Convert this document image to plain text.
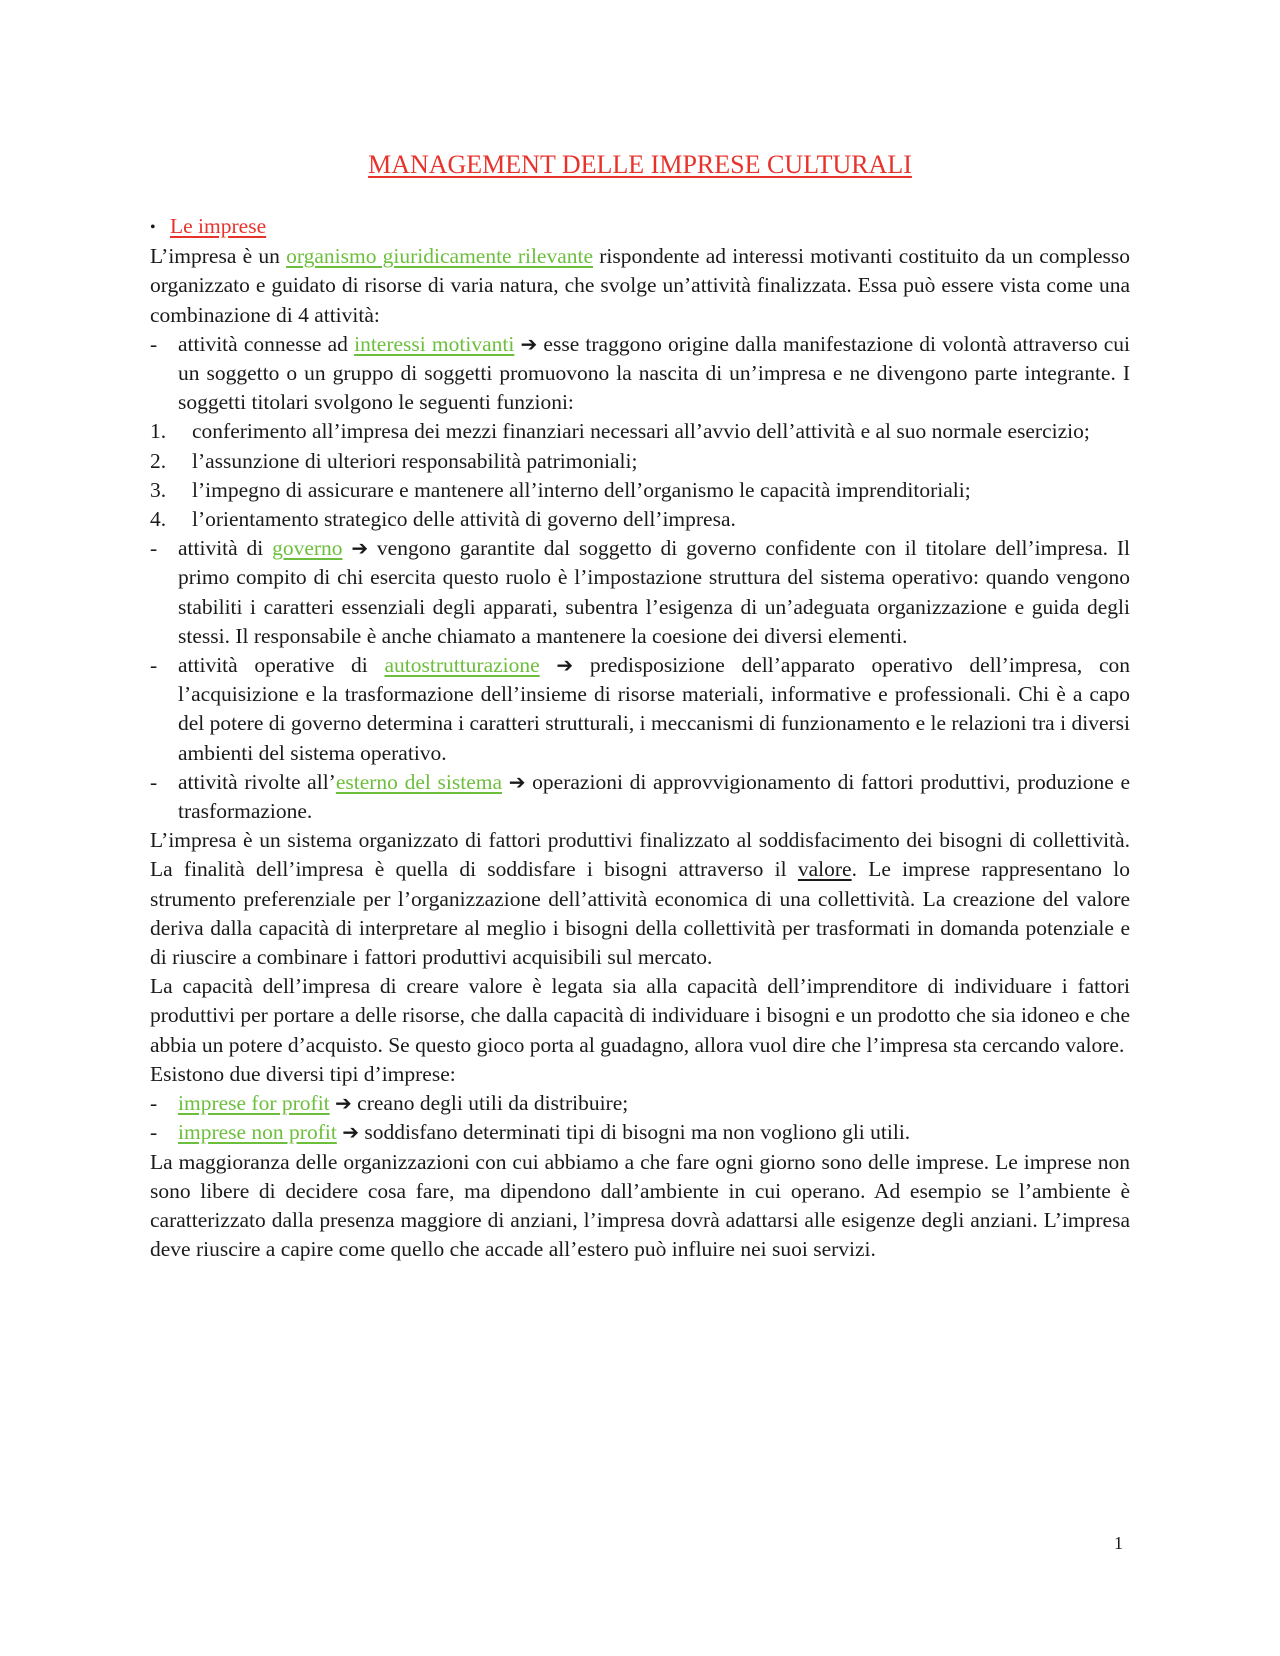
MANAGEMENT DELLE IMPRESE CULTURALI

• Le imprese

L’impresa è un organismo giuridicamente rilevante rispondente ad interessi motivanti costituito da un complesso organizzato e guidato di risorse di varia natura, che svolge un’attività finalizzata. Essa può essere vista come una combinazione di 4 attività:

- attività connesse ad interessi motivanti ➔ esse traggono origine dalla manifestazione di volontà attraverso cui un soggetto o un gruppo di soggetti promuovono la nascita di un’impresa e ne divengono parte integrante. I soggetti titolari svolgono le seguenti funzioni:
1.	conferimento all’impresa dei mezzi finanziari necessari all’avvio dell’attività e al suo normale esercizio;
2.	l’assunzione di ulteriori responsabilità patrimoniali;
3.	l’impegno di assicurare e mantenere all’interno dell’organismo le capacità imprenditoriali;
4.	l’orientamento strategico delle attività di governo dell’impresa.
- attività di governo ➔ vengono garantite dal soggetto di governo confidente con il titolare dell’impresa. Il primo compito di chi esercita questo ruolo è l’impostazione struttura del sistema operativo: quando vengono stabiliti i caratteri essenziali degli apparati, subentra l’esigenza di un’adeguata organizzazione e guida degli stessi. Il responsabile è anche chiamato a mantenere la coesione dei diversi elementi.
- attività operative di autostrutturazione ➔ predisposizione dell’apparato operativo dell’impresa, con l’acquisizione e la trasformazione dell’insieme di risorse materiali, informative e professionali. Chi è a capo del potere di governo determina i caratteri strutturali, i meccanismi di funzionamento e le relazioni tra i diversi ambienti del sistema operativo.
- attività rivolte all’esterno del sistema ➔ operazioni di approvvigionamento di fattori produttivi, produzione e trasformazione.

L’impresa è un sistema organizzato di fattori produttivi finalizzato al soddisfacimento dei bisogni di collettività. La finalità dell’impresa è quella di soddisfare i bisogni attraverso il valore. Le imprese rappresentano lo strumento preferenziale per l’organizzazione dell’attività economica di una collettività. La creazione del valore deriva dalla capacità di interpretare al meglio i bisogni della collettività per trasformati in domanda potenziale e di riuscire a combinare i fattori produttivi acquisibili sul mercato.

La capacità dell’impresa di creare valore è legata sia alla capacità dell’imprenditore di individuare i fattori produttivi per portare a delle risorse, che dalla capacità di individuare i bisogni e un prodotto che sia idoneo e che abbia un potere d’acquisto. Se questo gioco porta al guadagno, allora vuol dire che l’impresa sta cercando valore.

Esistono due diversi tipi d’imprese:

- imprese for profit ➔ creano degli utili da distribuire;
- imprese non profit ➔ soddisfano determinati tipi di bisogni ma non vogliono gli utili.

La maggioranza delle organizzazioni con cui abbiamo a che fare ogni giorno sono delle imprese. Le imprese non sono libere di decidere cosa fare, ma dipendono dall’ambiente in cui operano. Ad esempio se l’ambiente è caratterizzato dalla presenza maggiore di anziani, l’impresa dovrà adattarsi alle esigenze degli anziani. L’impresa deve riuscire a capire come quello che accade all’estero può influire nei suoi servizi.

1
